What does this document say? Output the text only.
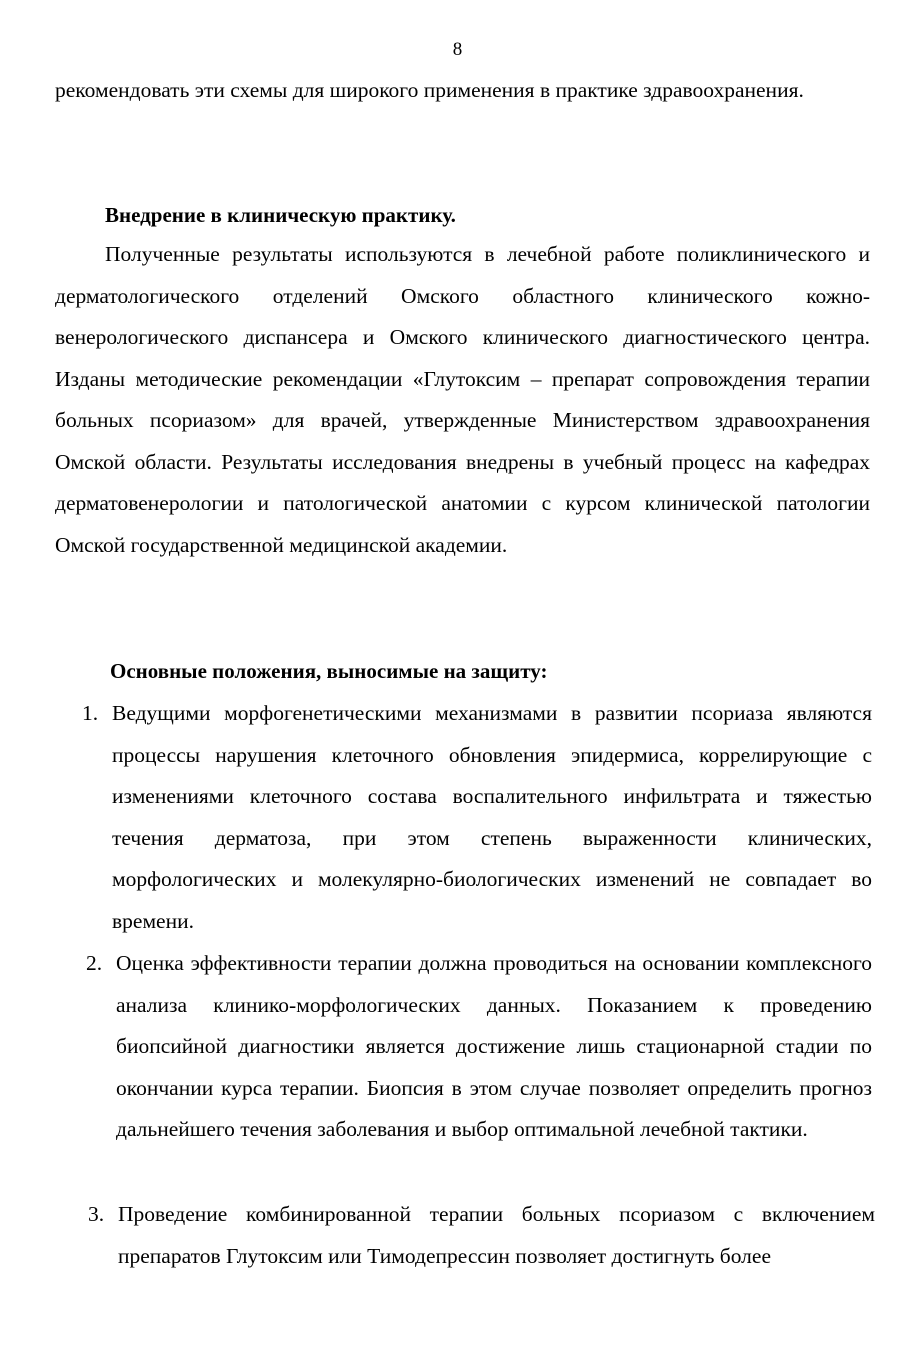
8

рекомендовать эти схемы для широкого применения в практике здравоохранения.

Внедрение в клиническую практику.

Полученные результаты используются в лечебной работе поликлинического и дерматологического отделений Омского областного клинического кожно-венерологического диспансера и Омского клинического диагностического центра. Изданы методические рекомендации «Глутоксим – препарат сопровождения терапии больных псориазом» для врачей, утвержденные Министерством здравоохранения Омской области. Результаты исследования внедрены в учебный процесс на кафедрах дерматовенерологии и патологической анатомии с курсом клинической патологии Омской государственной медицинской академии.

Основные положения, выносимые на защиту:
1. Ведущими морфогенетическими механизмами в развитии псориаза являются процессы нарушения клеточного обновления эпидермиса, коррелирующие с изменениями клеточного состава воспалительного инфильтрата и тяжестью течения дерматоза, при этом степень выраженности клинических, морфологических и молекулярно-биологических изменений не совпадает во времени.
2. Оценка эффективности терапии должна проводиться на основании комплексного анализа клинико-морфологических данных. Показанием к проведению биопсийной диагностики является достижение лишь стационарной стадии по окончании курса терапии. Биопсия в этом случае позволяет определить прогноз дальнейшего течения заболевания и выбор оптимальной лечебной тактики.
3. Проведение комбинированной терапии больных псориазом с включением препаратов Глутоксим или Тимодепрессин позволяет достигнуть более
